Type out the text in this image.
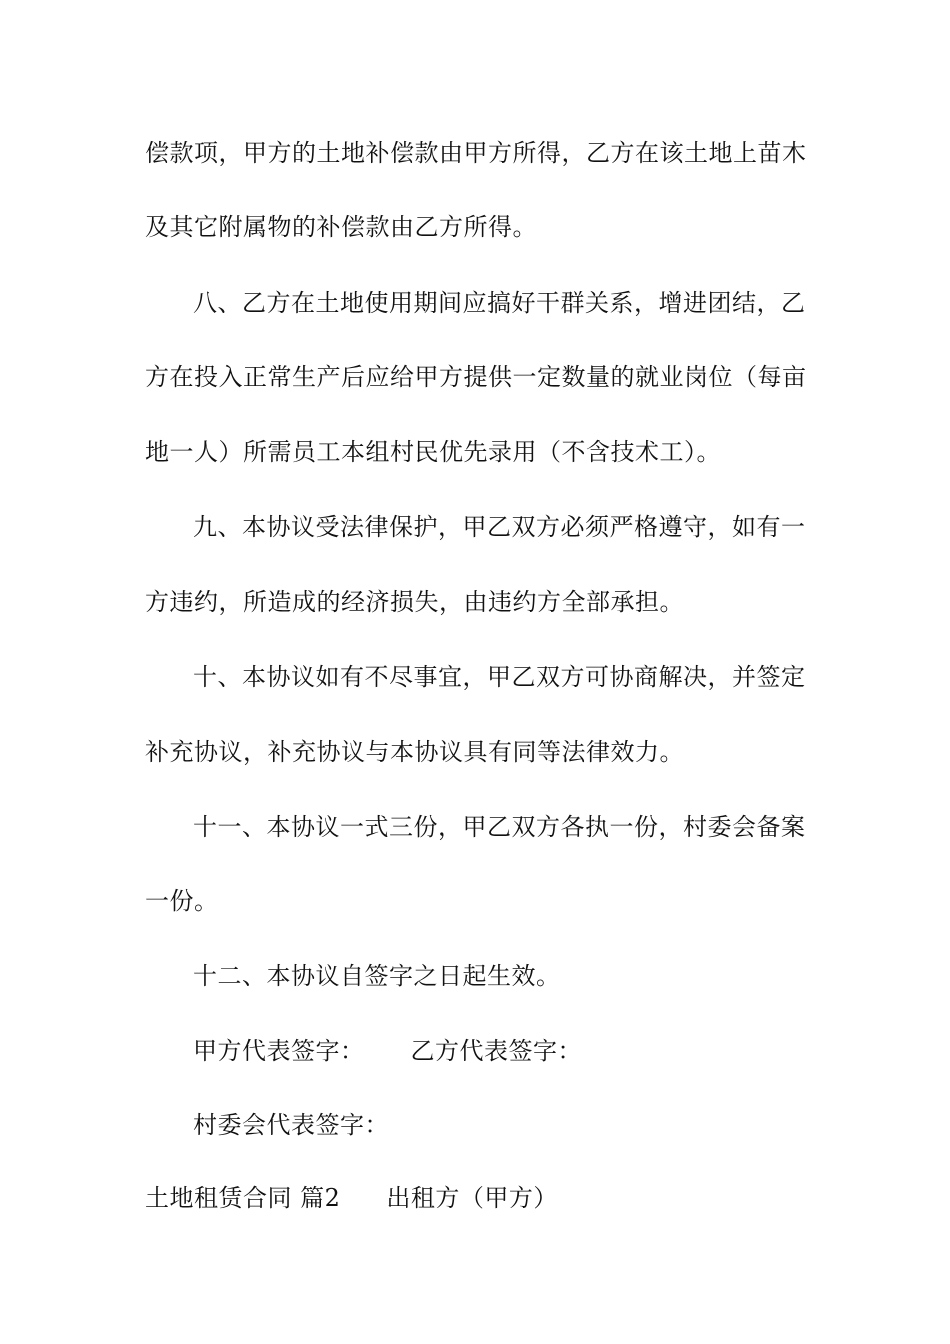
偿款项，甲方的土地补偿款由甲方所得，乙方在该土地上苗木
及其它附属物的补偿款由乙方所得。
八、乙方在土地使用期间应搞好干群关系，增进团结，乙
方在投入正常生产后应给甲方提供一定数量的就业岗位（每亩
地一人）所需员工本组村民优先录用（不含技术工）。
九、本协议受法律保护，甲乙双方必须严格遵守，如有一
方违约，所造成的经济损失，由违约方全部承担。
十、本协议如有不尽事宜，甲乙双方可协商解决，并签定
补充协议，补充协议与本协议具有同等法律效力。
十一、本协议一式三份，甲乙双方各执一份，村委会备案
一份。
十二、本协议自签字之日起生效。
甲方代表签字： 乙方代表签字：
村委会代表签字：
土地租赁合同 篇2 出租方（甲方）
